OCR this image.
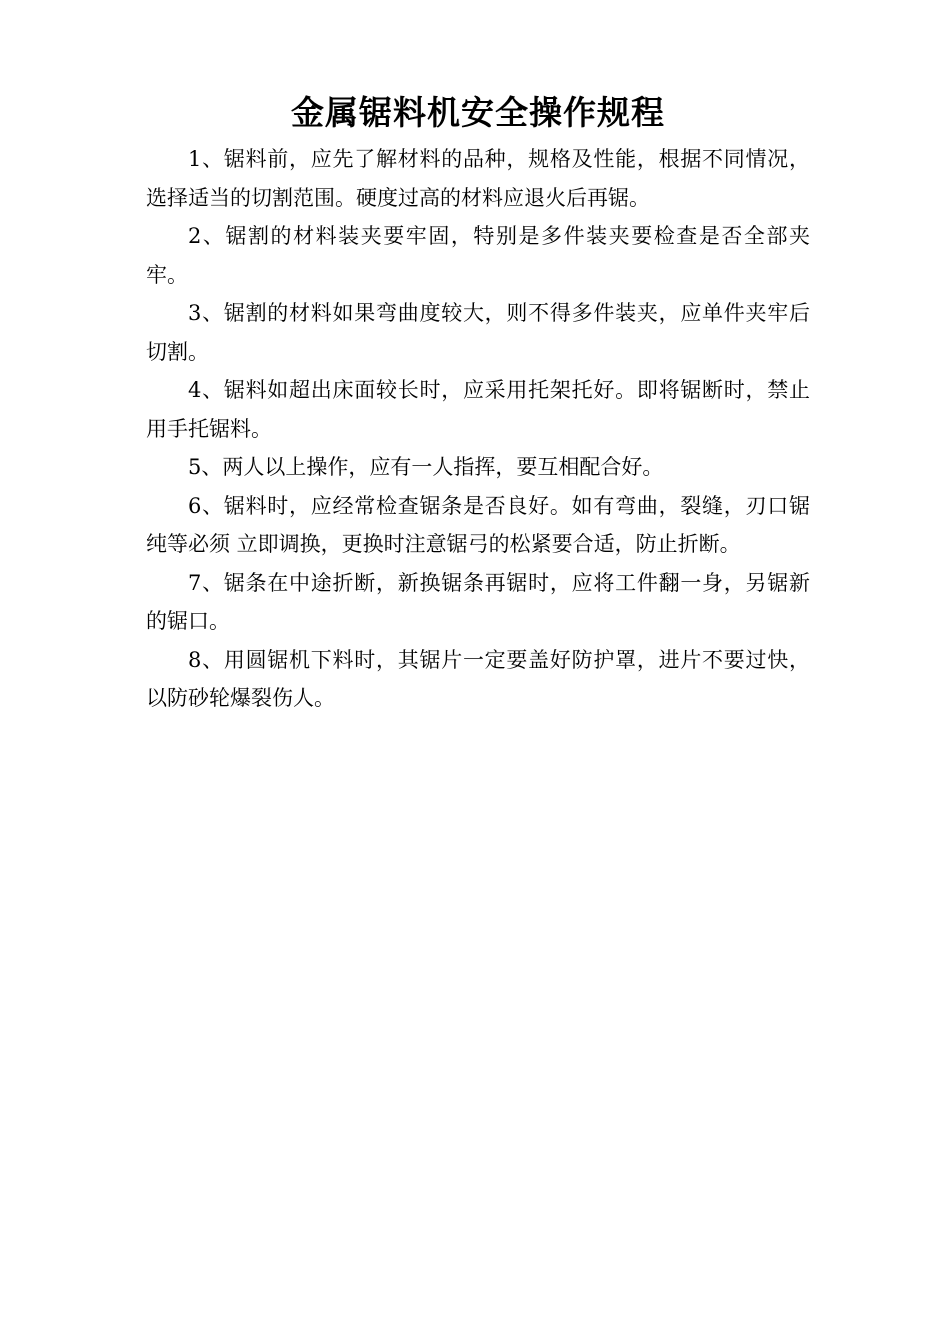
金属锯料机安全操作规程

1、锯料前，应先了解材料的品种，规格及性能，根据不同情况，选择适当的切割范围。硬度过高的材料应退火后再锯。

2、锯割的材料装夹要牢固，特别是多件装夹要检查是否全部夹牢。

3、锯割的材料如果弯曲度较大，则不得多件装夹，应单件夹牢后切割。

4、锯料如超出床面较长时，应采用托架托好。即将锯断时，禁止用手托锯料。

5、两人以上操作，应有一人指挥，要互相配合好。

6、锯料时，应经常检查锯条是否良好。如有弯曲，裂缝，刃口锯纯等必须 立即调换，更换时注意锯弓的松紧要合适，防止折断。

7、锯条在中途折断，新换锯条再锯时，应将工件翻一身，另锯新的锯口。

8、用圆锯机下料时，其锯片一定要盖好防护罩，进片不要过快，以防砂轮爆裂伤人。
